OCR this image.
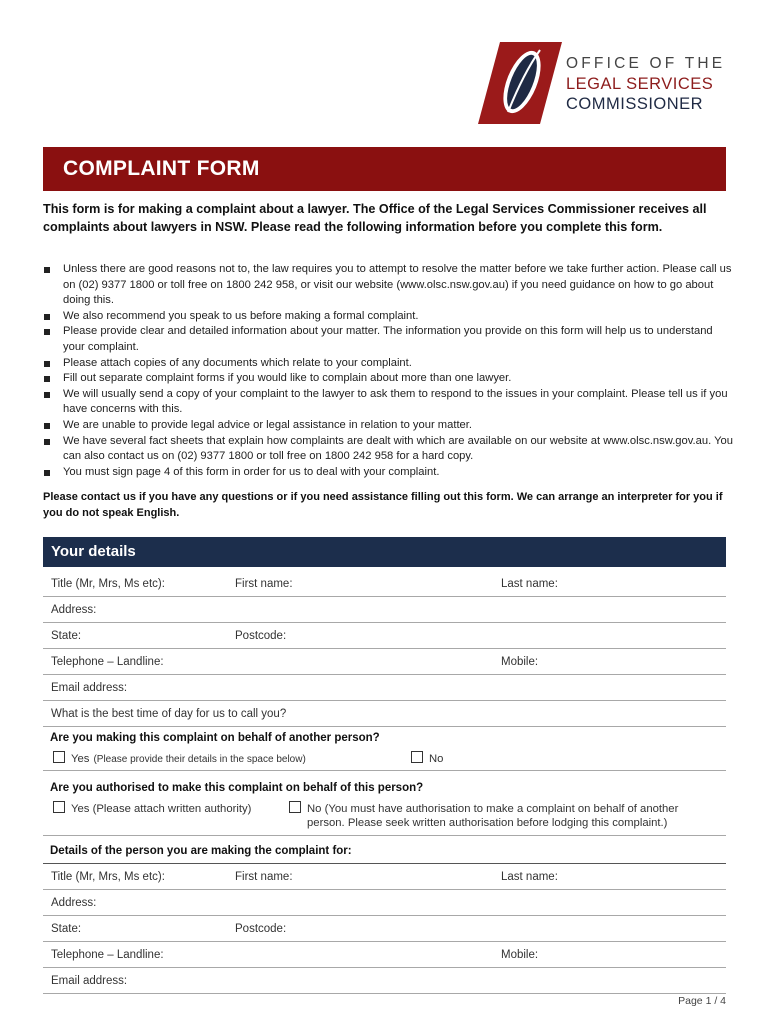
OFFICE OF THE
LEGAL SERVICES
COMMISSIONER
COMPLAINT FORM
This form is for making a complaint about a lawyer. The Office of the Legal Services Commissioner receives all complaints about lawyers in NSW. Please read the following information before you complete this form.
Unless there are good reasons not to, the law requires you to attempt to resolve the matter before we take further action. Please call us on (02) 9377 1800 or toll free on 1800 242 958, or visit our website (www.olsc.nsw.gov.au) if you need guidance on how to go about doing this.
We also recommend you speak to us before making a formal complaint.
Please provide clear and detailed information about your matter. The information you provide on this form will help us to understand your complaint.
Please attach copies of any documents which relate to your complaint.
Fill out separate complaint forms if you would like to complain about more than one lawyer.
We will usually send a copy of your complaint to the lawyer to ask them to respond to the issues in your complaint. Please tell us if you have concerns with this.
We are unable to provide legal advice or legal assistance in relation to your matter.
We have several fact sheets that explain how complaints are dealt with which are available on our website at www.olsc.nsw.gov.au. You can also contact us on (02) 9377 1800 or toll free on 1800 242 958 for a hard copy.
You must sign page 4 of this form in order for us to deal with your complaint.
Please contact us if you have any questions or if you need assistance filling out this form. We can arrange an interpreter for you if you do not speak English.
Your details
Title (Mr, Mrs, Ms etc):	First name:	Last name:
Address:
State:	Postcode:
Telephone – Landline:	Mobile:
Email address:
What is the best time of day for us to call you?
Are you making this complaint on behalf of another person?
Yes (Please provide their details in the space below)	No
Are you authorised to make this complaint on behalf of this person?
Yes (Please attach written authority)	No (You must have authorisation to make a complaint on behalf of another
person. Please seek written authorisation before lodging this complaint.)
Details of the person you are making the complaint for:
Title (Mr, Mrs, Ms etc):	First name:	Last name:
Address:
State:	Postcode:
Telephone – Landline:	Mobile:
Email address:
Page 1 / 4
